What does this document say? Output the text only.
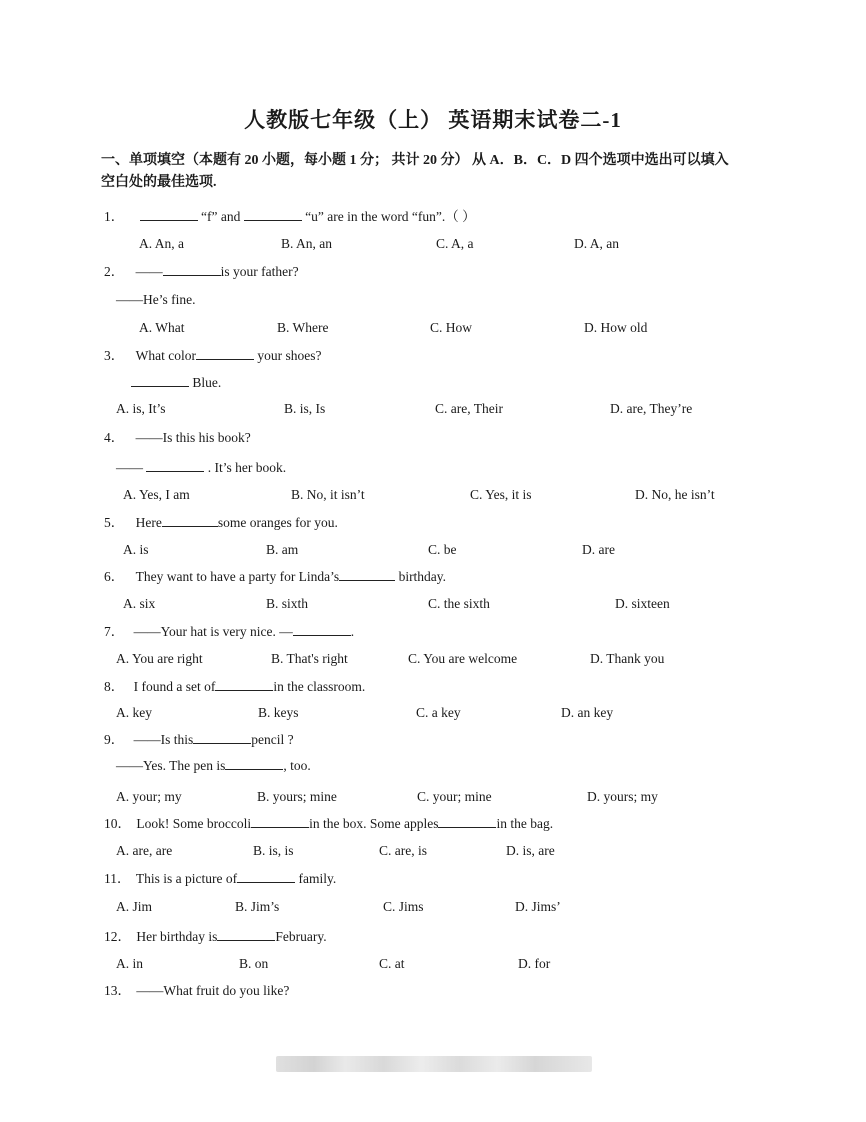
人教版七年级（上） 英语期末试卷二-1
一、单项填空（本题有 20 小题，每小题 1 分； 共计 20 分） 从 A．B．C．D 四个选项中选出可以填入
空白处的最佳选项.
1．	“f” and	“u” are in the word “fun”.（ ）
A. An, a	B. An, an	C. A, a	D. A, an
2． ——	is your father?
——He’s fine.
A. What	B. Where	C. How	D. How old
3． What color	your shoes?
Blue.
A. is, It’s	B. is, Is	C. are, Their	D. are, They’re
4． ——Is this his book?
——	. It’s her book.
A. Yes, I am	B. No, it isn’t	C. Yes, it is	D. No, he isn’t
5． Here	some oranges for you.
A. is	B. am	C. be	D. are
6． They want to have a party for Linda’s	birthday.
A. six	B. sixth	C. the sixth	D. sixteen
7． ——Your hat is very nice. —	.
A. You are right	B. That's right	C. You are welcome	D. Thank you
8． I found a set of	in the classroom.
A. key	B. keys	C. a key	D. an key
9． ——Is this	pencil ?
——Yes. The pen is	, too.
A. your; my	B. yours; mine	C. your; mine	D. yours; my
10． Look! Some broccoli	in the box. Some apples	in the bag.
A. are, are	B. is, is	C. are, is	D. is, are
11． This is a picture of	family.
A. Jim	B. Jim’s	C. Jims	D. Jims’
12． Her birthday is	February.
A. in	B. on	C. at	D. for
13． ——What fruit do you like?
